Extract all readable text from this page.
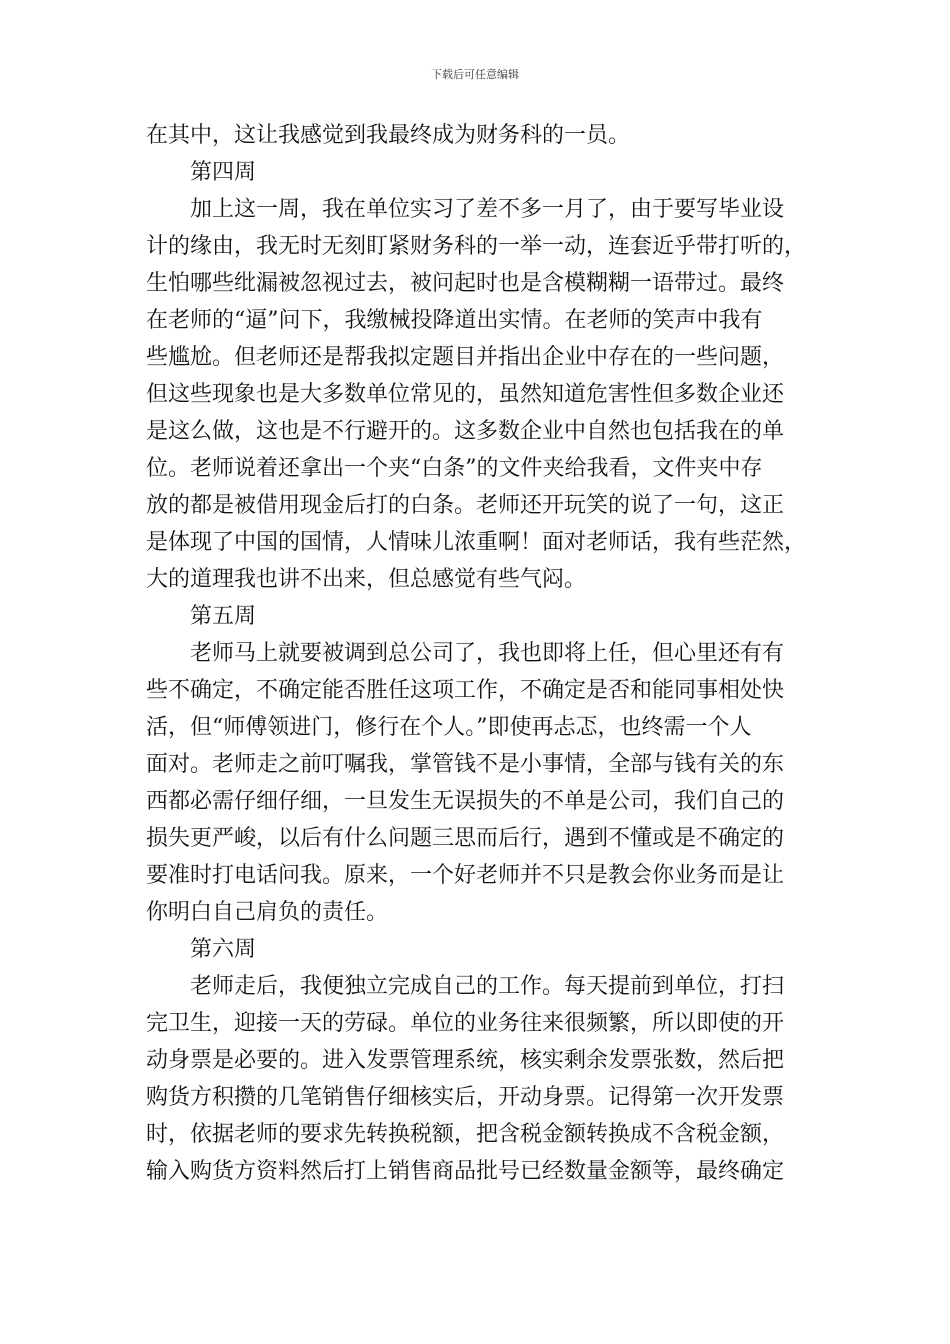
下载后可任意编辑
在其中，这让我感觉到我最终成为财务科的一员。
第四周
加上这一周，我在单位实习了差不多一月了，由于要写毕业设
计的缘由，我无时无刻盯紧财务科的一举一动，连套近乎带打听的，
生怕哪些纰漏被忽视过去，被问起时也是含模糊糊一语带过。最终
在老师的“逼”问下，我缴械投降道出实情。在老师的笑声中我有
些尴尬。但老师还是帮我拟定题目并指出企业中存在的一些问题，
但这些现象也是大多数单位常见的，虽然知道危害性但多数企业还
是这么做，这也是不行避开的。这多数企业中自然也包括我在的单
位。老师说着还拿出一个夹“白条”的文件夹给我看，文件夹中存
放的都是被借用现金后打的白条。老师还开玩笑的说了一句，这正
是体现了中国的国情，人情味儿浓重啊！面对老师话，我有些茫然，
大的道理我也讲不出来，但总感觉有些气闷。
第五周
老师马上就要被调到总公司了，我也即将上任，但心里还有有
些不确定，不确定能否胜任这项工作，不确定是否和能同事相处快
活，但“师傅领进门，修行在个人。”即使再忐忑，也终需一个人
面对。老师走之前叮嘱我，掌管钱不是小事情，全部与钱有关的东
西都必需仔细仔细，一旦发生无误损失的不单是公司，我们自己的
损失更严峻，以后有什么问题三思而后行，遇到不懂或是不确定的
要准时打电话问我。原来，一个好老师并不只是教会你业务而是让
你明白自己肩负的责任。
第六周
老师走后，我便独立完成自己的工作。每天提前到单位，打扫
完卫生，迎接一天的劳碌。单位的业务往来很频繁，所以即使的开
动身票是必要的。进入发票管理系统，核实剩余发票张数，然后把
购货方积攒的几笔销售仔细核实后，开动身票。记得第一次开发票
时，依据老师的要求先转换税额，把含税金额转换成不含税金额，
输入购货方资料然后打上销售商品批号已经数量金额等，最终确定
